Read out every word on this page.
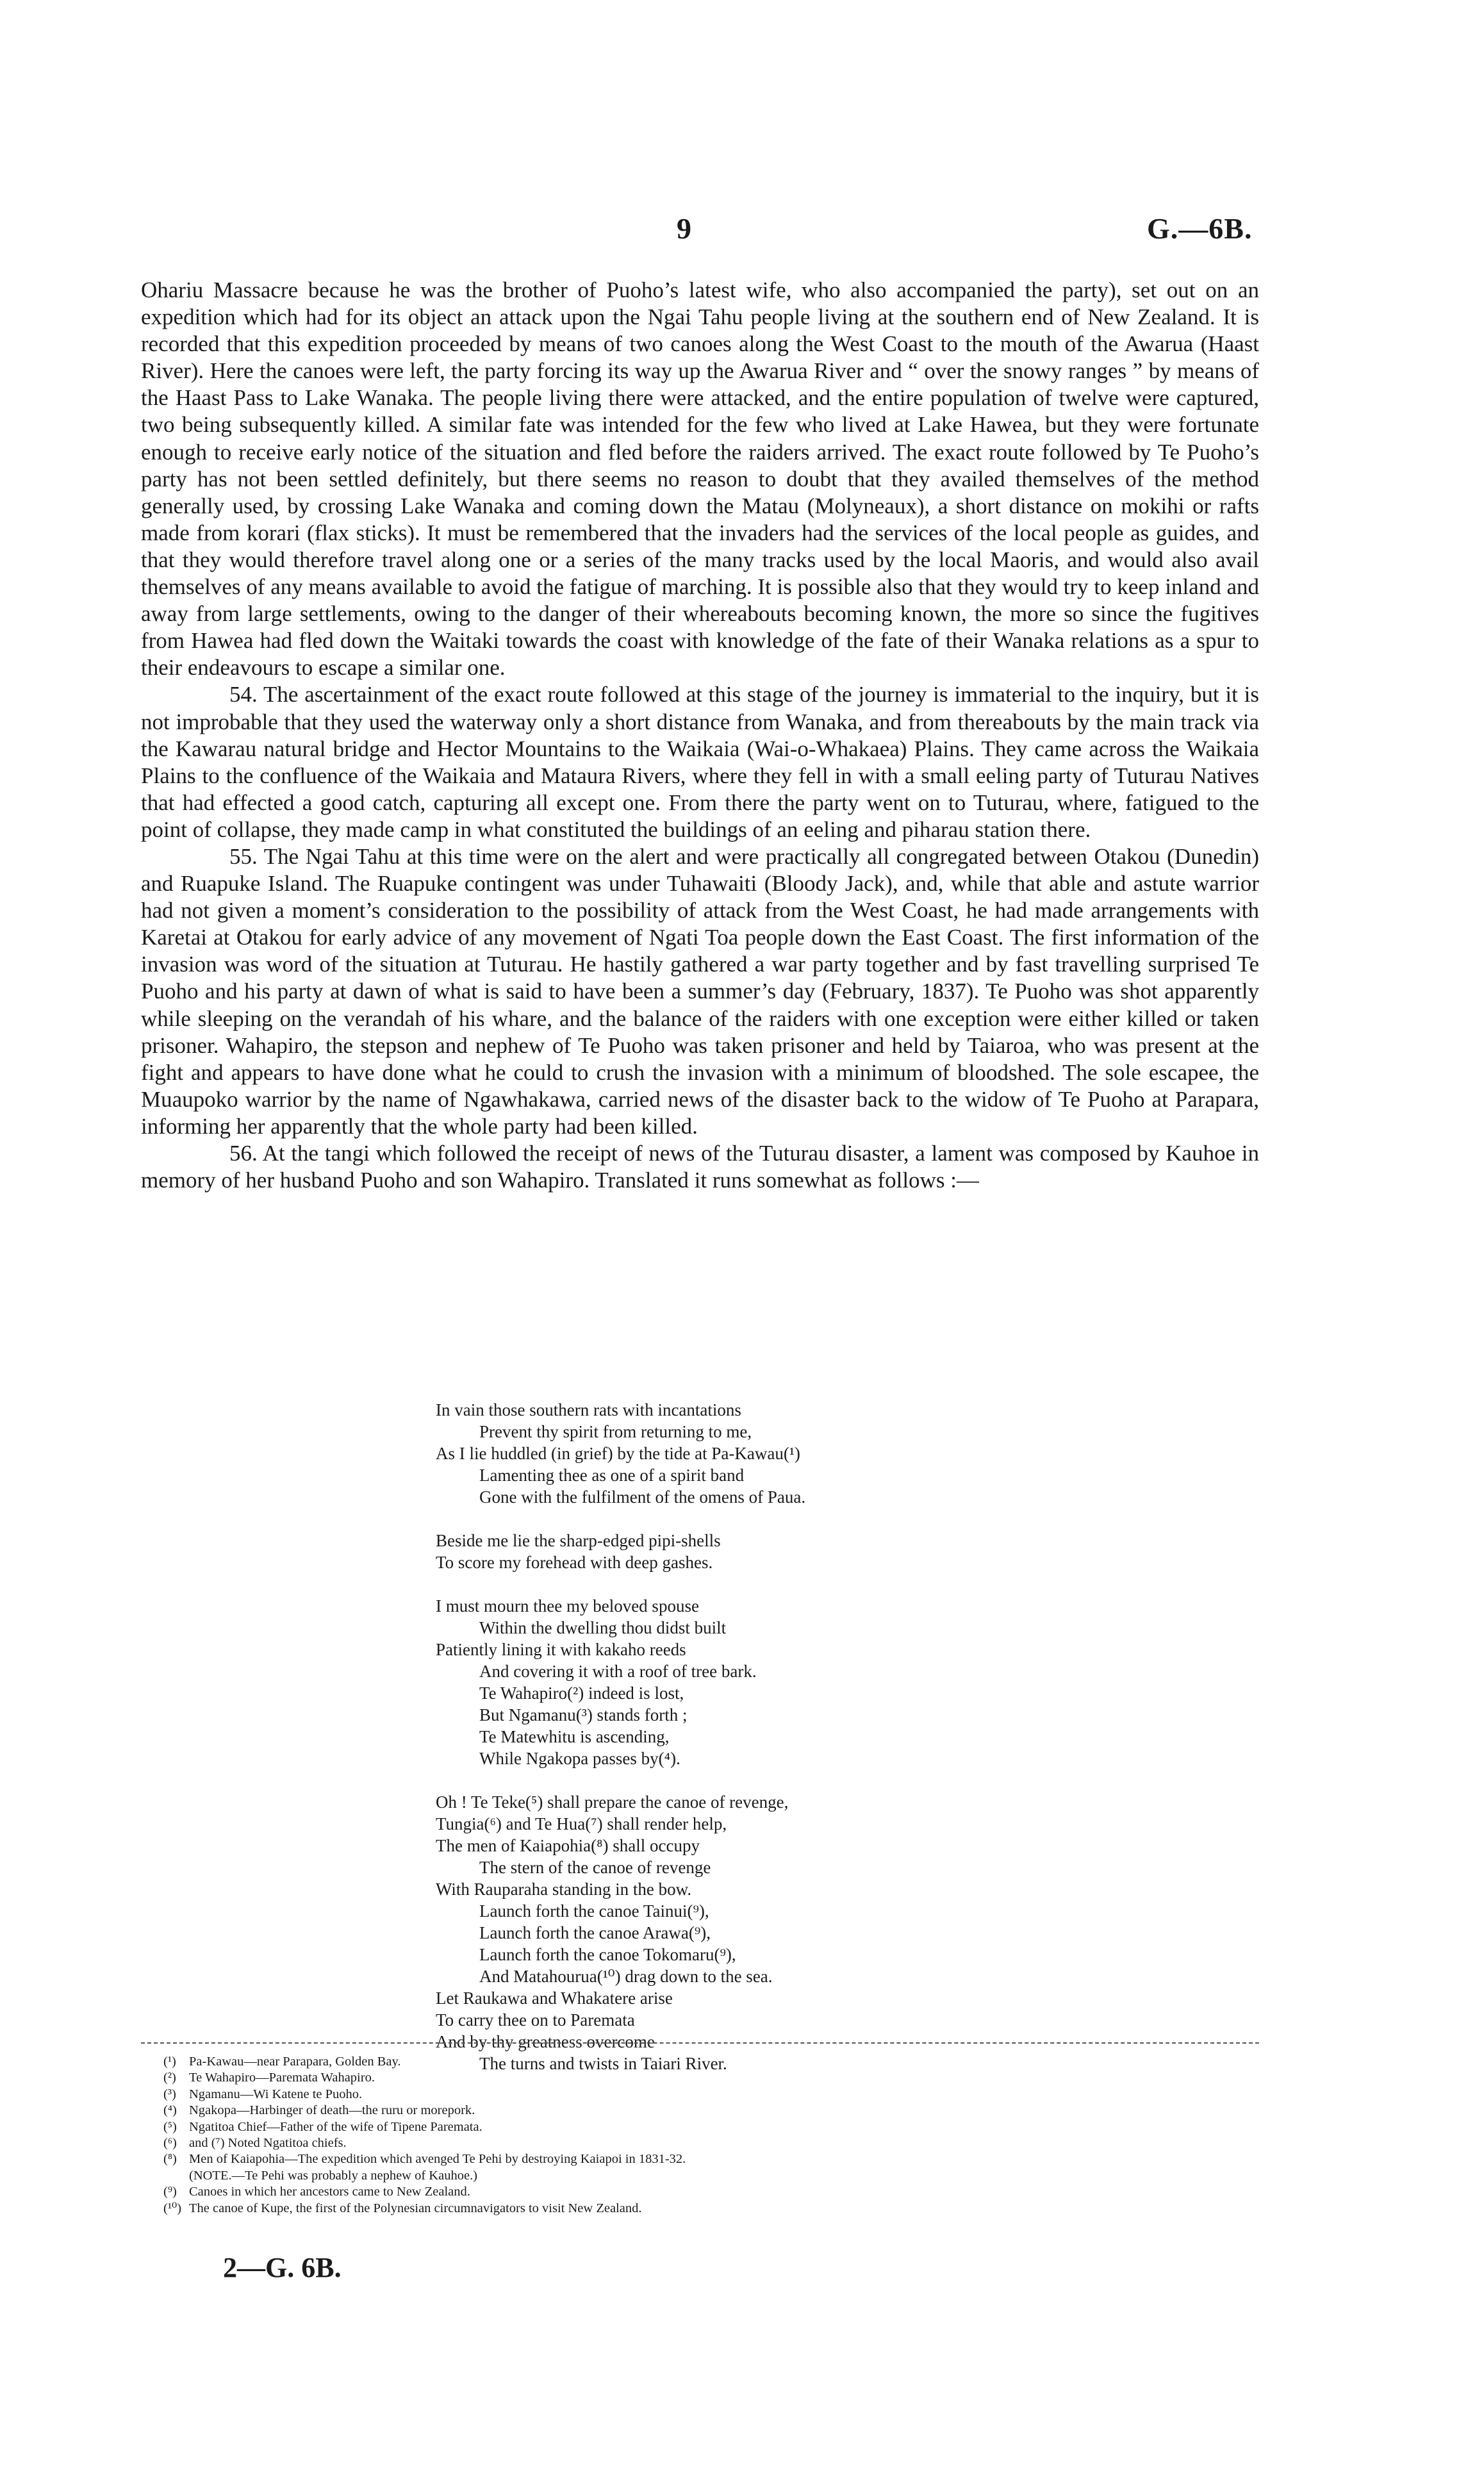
9	G.—6B.

Ohariu Massacre because he was the brother of Puoho’s latest wife, who also accompanied the party), set out on an expedition which had for its object an attack upon the Ngai Tahu people living at the southern end of New Zealand. It is recorded that this expedition proceeded by means of two canoes along the West Coast to the mouth of the Awarua (Haast River). Here the canoes were left, the party forcing its way up the Awarua River and “ over the snowy ranges ” by means of the Haast Pass to Lake Wanaka. The people living there were attacked, and the entire population of twelve were captured, two being subsequently killed. A similar fate was intended for the few who lived at Lake Hawea, but they were fortunate enough to receive early notice of the situation and fled before the raiders arrived. The exact route followed by Te Puoho’s party has not been settled definitely, but there seems no reason to doubt that they availed themselves of the method generally used, by crossing Lake Wanaka and coming down the Matau (Molyneaux), a short distance on mokihi or rafts made from korari (flax sticks). It must be remembered that the invaders had the services of the local people as guides, and that they would therefore travel along one or a series of the many tracks used by the local Maoris, and would also avail themselves of any means available to avoid the fatigue of marching. It is possible also that they would try to keep inland and away from large settlements, owing to the danger of their whereabouts becoming known, the more so since the fugitives from Hawea had fled down the Waitaki towards the coast with knowledge of the fate of their Wanaka relations as a spur to their endeavours to escape a similar one.

54. The ascertainment of the exact route followed at this stage of the journey is immaterial to the inquiry, but it is not improbable that they used the waterway only a short distance from Wanaka, and from thereabouts by the main track via the Kawarau natural bridge and Hector Mountains to the Waikaia (Wai-o-Whakaea) Plains. They came across the Waikaia Plains to the confluence of the Waikaia and Mataura Rivers, where they fell in with a small eeling party of Tuturau Natives that had effected a good catch, capturing all except one. From there the party went on to Tuturau, where, fatigued to the point of collapse, they made camp in what constituted the buildings of an eeling and piharau station there.

55. The Ngai Tahu at this time were on the alert and were practically all congregated between Otakou (Dunedin) and Ruapuke Island. The Ruapuke contingent was under Tuhawaiti (Bloody Jack), and, while that able and astute warrior had not given a moment’s consideration to the possibility of attack from the West Coast, he had made arrangements with Karetai at Otakou for early advice of any movement of Ngati Toa people down the East Coast. The first information of the invasion was word of the situation at Tuturau. He hastily gathered a war party together and by fast travelling surprised Te Puoho and his party at dawn of what is said to have been a summer’s day (February, 1837). Te Puoho was shot apparently while sleeping on the verandah of his whare, and the balance of the raiders with one exception were either killed or taken prisoner. Wahapiro, the stepson and nephew of Te Puoho was taken prisoner and held by Taiaroa, who was present at the fight and appears to have done what he could to crush the invasion with a minimum of bloodshed. The sole escapee, the Muaupoko warrior by the name of Ngawhakawa, carried news of the disaster back to the widow of Te Puoho at Parapara, informing her apparently that the whole party had been killed.

56. At the tangi which followed the receipt of news of the Tuturau disaster, a lament was composed by Kauhoe in memory of her husband Puoho and son Wahapiro. Translated it runs somewhat as follows :—

In vain those southern rats with incantations
Prevent thy spirit from returning to me,
As I lie huddled (in grief) by the tide at Pa-Kawau(¹)
Lamenting thee as one of a spirit band
Gone with the fulfilment of the omens of Paua.
Beside me lie the sharp-edged pipi-shells
To score my forehead with deep gashes.
I must mourn thee my beloved spouse
Within the dwelling thou didst built
Patiently lining it with kakaho reeds
And covering it with a roof of tree bark.
Te Wahapiro(²) indeed is lost,
But Ngamanu(³) stands forth ;
Te Matewhitu is ascending,
While Ngakopa passes by(⁴).
Oh ! Te Teke(⁵) shall prepare the canoe of revenge,
Tungia(⁶) and Te Hua(⁷) shall render help,
The men of Kaiapohia(⁸) shall occupy
The stern of the canoe of revenge
With Rauparaha standing in the bow.
Launch forth the canoe Tainui(⁹),
Launch forth the canoe Arawa(⁹),
Launch forth the canoe Tokomaru(⁹),
And Matahourua(¹⁰) drag down to the sea.
Let Raukawa and Whakatere arise
To carry thee on to Paremata
And by thy greatness overcome
The turns and twists in Taiari River.
(¹) Pa-Kawau—near Parapara, Golden Bay.
(²) Te Wahapiro—Paremata Wahapiro.
(³) Ngamanu—Wi Katene te Puoho.
(⁴) Ngakopa—Harbinger of death—the ruru or morepork.
(⁵) Ngatitoa Chief—Father of the wife of Tipene Paremata.
(⁶) and (⁷) Noted Ngatitoa chiefs.
(⁸) Men of Kaiapohia—The expedition which avenged Te Pehi by destroying Kaiapoi in 1831-32.
(NOTE.—Te Pehi was probably a nephew of Kauhoe.)
(⁹) Canoes in which her ancestors came to New Zealand.
(¹⁰) The canoe of Kupe, the first of the Polynesian circumnavigators to visit New Zealand.
2—G. 6B.
